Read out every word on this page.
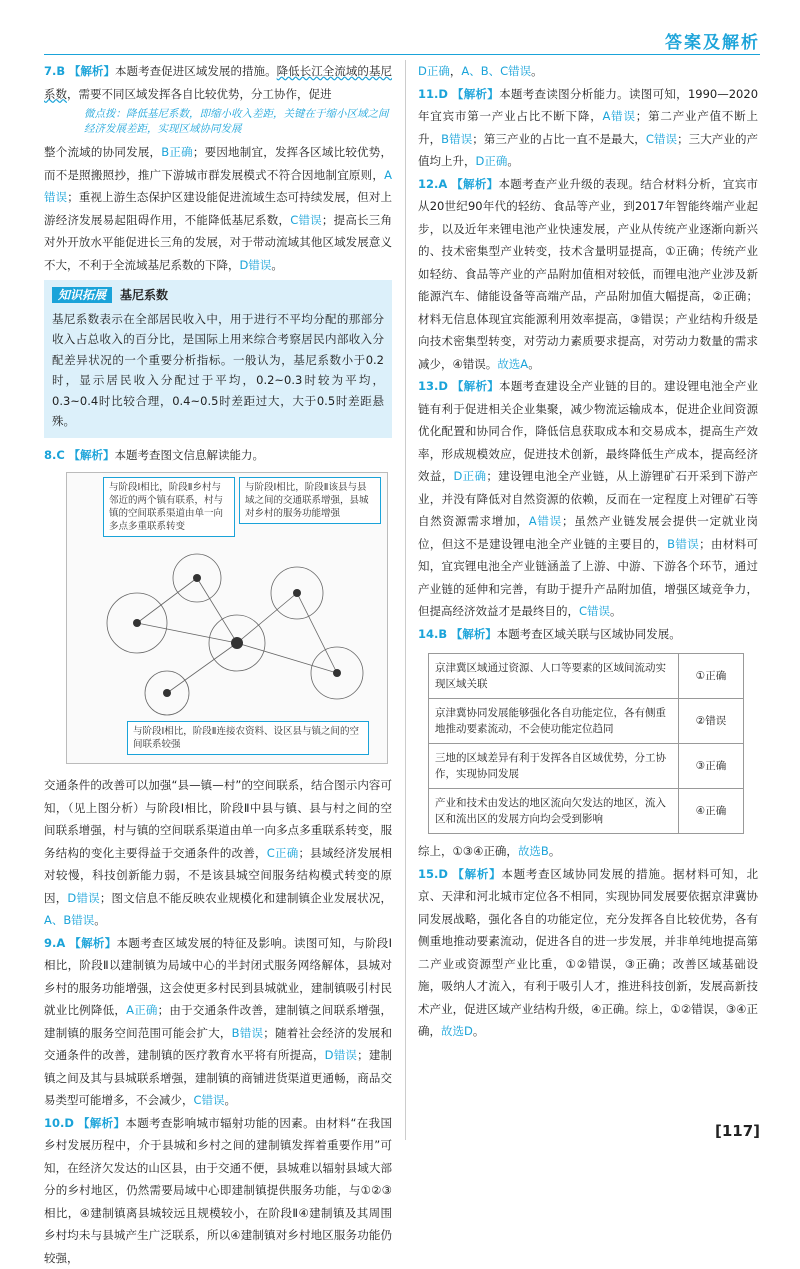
答案及解析

7.B 【解析】本题考查促进区域发展的措施。降低长江全流域的基尼系数，需要不同区域发挥各自比较优势，分工协作，促进

微点拨：降低基尼系数，即缩小收入差距，关键在于缩小区域之间经济发展差距，实现区域协同发展

整个流域的协同发展，B正确；要因地制宜，发挥各区域比较优势，而不是照搬照抄，推广下游城市群发展模式不符合因地制宜原则，A错误；重视上游生态保护区建设能促进流域生态可持续发展，但对上游经济发展易起阻碍作用，不能降低基尼系数，C错误；提高长三角对外开放水平能促进长三角的发展，对于带动流域其他区域发展意义不大，不利于全流域基尼系数的下降，D错误。

知识拓展 基尼系数

基尼系数表示在全部居民收入中，用于进行不平均分配的那部分收入占总收入的百分比，是国际上用来综合考察居民内部收入分配差异状况的一个重要分析指标。一般认为，基尼系数小于0.2时，显示居民收入分配过于平均，0.2~0.3时较为平均，0.3~0.4时比较合理，0.4~0.5时差距过大，大于0.5时差距悬殊。

8.C 【解析】本题考查图文信息解读能力。

与阶段Ⅰ相比，阶段Ⅱ乡村与邻近的两个镇有联系，村与镇的空间联系渠道由单一向多点多重联系转变
与阶段Ⅰ相比，阶段Ⅱ该县与县域之间的交通联系增强，县城对乡村的服务功能增强
与阶段Ⅰ相比，阶段Ⅱ连接农资料、设区县与镇之间的空间联系较强

交通条件的改善可以加强“县—镇—村”的空间联系，结合图示内容可知，（见上图分析）与阶段Ⅰ相比，阶段Ⅱ中县与镇、县与村之间的空间联系增强，村与镇的空间联系渠道由单一向多点多重联系转变，服务结构的变化主要得益于交通条件的改善，C正确；县域经济发展相对较慢，科技创新能力弱，不是该县城空间服务结构模式转变的原因，D错误；图文信息不能反映农业规模化和建制镇企业发展状况，A、B错误。

9.A 【解析】本题考查区域发展的特征及影响。读图可知，与阶段Ⅰ相比，阶段Ⅱ以建制镇为局域中心的半封闭式服务网络解体，县城对乡村的服务功能增强，这会使更多村民到县城就业，建制镇吸引村民就业比例降低，A正确；由于交通条件改善，建制镇之间联系增强，建制镇的服务空间范围可能会扩大，B错误；随着社会经济的发展和交通条件的改善，建制镇的医疗教育水平将有所提高，D错误；建制镇之间及其与县城联系增强，建制镇的商铺进货渠道更通畅，商品交易类型可能增多，不会减少，C错误。

10.D 【解析】本题考查影响城市辐射功能的因素。由材料“在我国乡村发展历程中，介于县城和乡村之间的建制镇发挥着重要作用”可知，在经济欠发达的山区县，由于交通不便，县城难以辐射县域大部分的乡村地区，仍然需要局域中心即建制镇提供服务功能，与①②③相比，④建制镇离县城较远且规模较小，在阶段Ⅱ④建制镇及其周围乡村均未与县城产生广泛联系，所以④建制镇对乡村地区服务功能仍较强，

D正确，A、B、C错误。

11.D 【解析】本题考查读图分析能力。读图可知，1990—2020年宜宾市第一产业占比不断下降，A错误；第二产业产值不断上升，B错误；第三产业的占比一直不是最大，C错误；三大产业的产值均上升，D正确。

12.A 【解析】本题考查产业升级的表现。结合材料分析，宜宾市从20世纪90年代的轻纺、食品等产业，到2017年智能终端产业起步，以及近年来锂电池产业快速发展，产业从传统产业逐渐向新兴的、技术密集型产业转变，技术含量明显提高，①正确；传统产业如轻纺、食品等产业的产品附加值相对较低，而锂电池产业涉及新能源汽车、储能设备等高端产品，产品附加值大幅提高，②正确；材料无信息体现宜宾能源利用效率提高，③错误；产业结构升级是向技术密集型转变，对劳动力素质要求提高，对劳动力数量的需求减少，④错误。故选A。

13.D 【解析】本题考查建设全产业链的目的。建设锂电池全产业链有利于促进相关企业集聚，减少物流运输成本，促进企业间资源优化配置和协同合作，降低信息获取成本和交易成本，提高生产效率，形成规模效应，促进技术创新，最终降低生产成本，提高经济效益，D正确；建设锂电池全产业链，从上游锂矿石开采到下游产业，并没有降低对自然资源的依赖，反而在一定程度上对锂矿石等自然资源需求增加，A错误；虽然产业链发展会提供一定就业岗位，但这不是建设锂电池全产业链的主要目的，B错误；由材料可知，宜宾锂电池全产业链涵盖了上游、中游、下游各个环节，通过产业链的延伸和完善，有助于提升产品附加值，增强区域竞争力，但提高经济效益才是最终目的，C错误。

14.B 【解析】本题考查区域关联与区域协同发展。

京津冀区域通过资源、人口等要素的区域间流动实现区域关联	①正确
京津冀协同发展能够强化各自功能定位，各有侧重地推动要素流动，不会使功能定位趋同	②错误
三地的区域差异有利于发挥各自区域优势，分工协作，实现协同发展	③正确
产业和技术由发达的地区流向欠发达的地区，流入区和流出区的发展方向均会受到影响	④正确

综上，①③④正确，故选B。

15.D 【解析】本题考查区域协同发展的措施。据材料可知，北京、天津和河北城市定位各不相同，实现协同发展要依据京津冀协同发展战略，强化各自的功能定位，充分发挥各自比较优势，各有侧重地推动要素流动，促进各自的进一步发展，并非单纯地提高第二产业或资源型产业比重，①②错误，③正确；改善区域基础设施，吸纳人才流入，有利于吸引人才，推进科技创新，发展高新技术产业，促进区域产业结构升级，④正确。综上，①②错误，③④正确，故选D。

[117]
